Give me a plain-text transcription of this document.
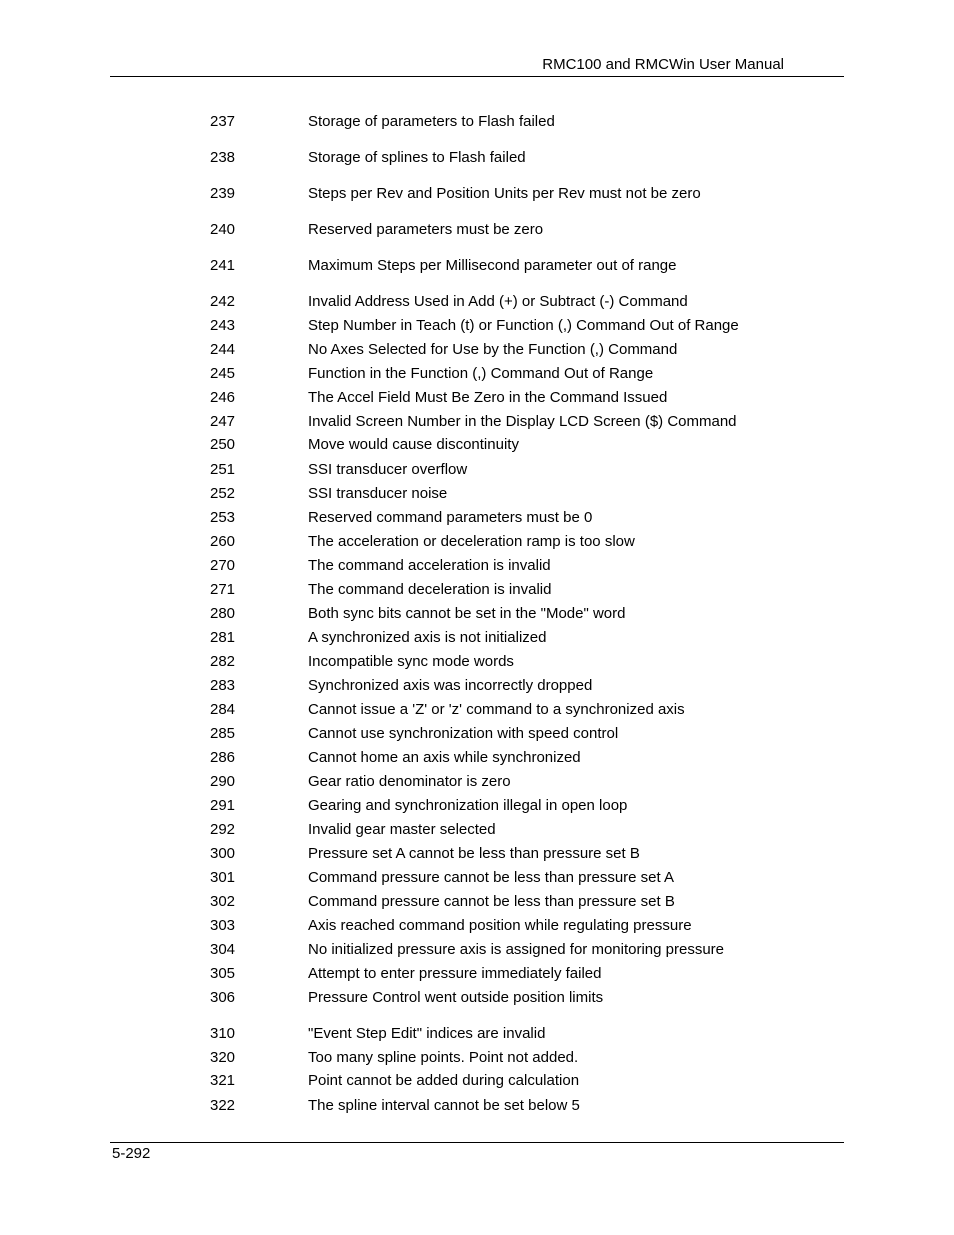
RMC100 and RMCWin User Manual
237	Storage of parameters to Flash failed
238	Storage of splines to Flash failed
239	Steps per Rev and Position Units per Rev must not be zero
240	Reserved parameters must be zero
241	Maximum Steps per Millisecond parameter out of range
242	Invalid Address Used in Add (+) or Subtract (-) Command
243	Step Number in Teach (t) or Function (,) Command Out of Range
244	No Axes Selected for Use by the Function (,) Command
245	Function in the Function (,) Command Out of Range
246	The Accel Field Must Be Zero in the Command Issued
247	Invalid Screen Number in the Display LCD Screen ($) Command
250	Move would cause discontinuity
251	SSI transducer overflow
252	SSI transducer noise
253	Reserved command parameters must be 0
260	The acceleration or deceleration ramp is too slow
270	The command acceleration is invalid
271	The command deceleration is invalid
280	Both sync bits cannot be set in the "Mode" word
281	A synchronized axis is not initialized
282	Incompatible sync mode words
283	Synchronized axis was incorrectly dropped
284	Cannot issue a 'Z' or 'z' command to a synchronized axis
285	Cannot use synchronization with speed control
286	Cannot home an axis while synchronized
290	Gear ratio denominator is zero
291	Gearing and synchronization illegal in open loop
292	Invalid gear master selected
300	Pressure set A cannot be less than pressure set B
301	Command pressure cannot be less than pressure set A
302	Command pressure cannot be less than pressure set B
303	Axis reached command position while regulating pressure
304	No initialized pressure axis is assigned for monitoring pressure
305	Attempt to enter pressure immediately failed
306	Pressure Control went outside position limits
310	"Event Step Edit" indices are invalid
320	Too many spline points. Point not added.
321	Point cannot be added during calculation
322	The spline interval cannot be set below 5
5-292
